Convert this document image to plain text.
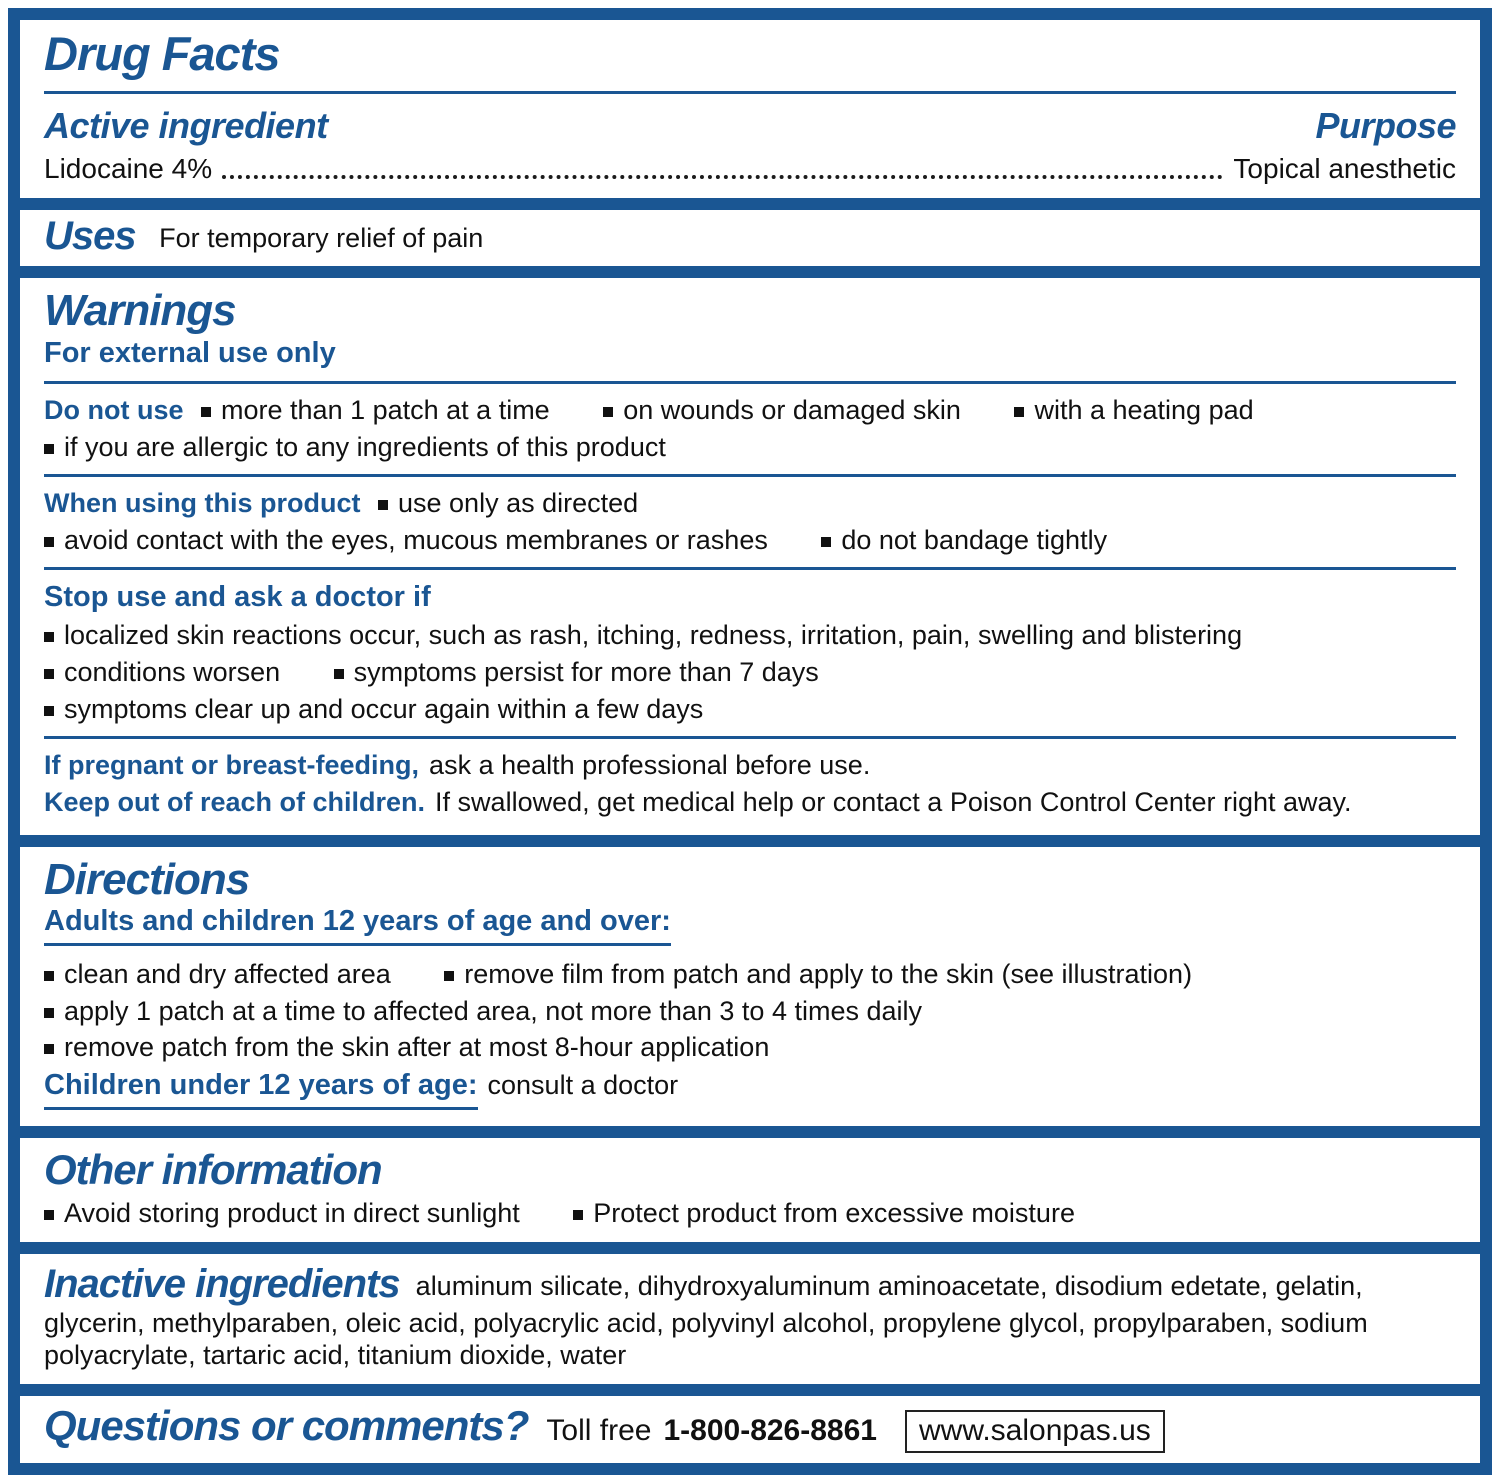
Drug Facts
Active ingredient	Purpose
Lidocaine 4%	Topical anesthetic
Uses For temporary relief of pain
Warnings
For external use only
Do not use more than 1 patch at a time	on wounds or damaged skin	with a heating pad
if you are allergic to any ingredients of this product
When using this product use only as directed
avoid contact with the eyes, mucous membranes or rashes	do not bandage tightly
Stop use and ask a doctor if
localized skin reactions occur, such as rash, itching, redness, irritation, pain, swelling and blistering
conditions worsen	symptoms persist for more than 7 days
symptoms clear up and occur again within a few days
If pregnant or breast-feeding, ask a health professional before use.
Keep out of reach of children. If swallowed, get medical help or contact a Poison Control Center right away.
Directions
Adults and children 12 years of age and over:
clean and dry affected area	remove film from patch and apply to the skin (see illustration)
apply 1 patch at a time to affected area, not more than 3 to 4 times daily
remove patch from the skin after at most 8-hour application
Children under 12 years of age: consult a doctor
Other information
Avoid storing product in direct sunlight	Protect product from excessive moisture
Inactive ingredients aluminum silicate, dihydroxyaluminum aminoacetate, disodium edetate, gelatin, glycerin, methylparaben, oleic acid, polyacrylic acid, polyvinyl alcohol, propylene glycol, propylparaben, sodium polyacrylate, tartaric acid, titanium dioxide, water
Questions or comments? Toll free 1-800-826-8861	www.salonpas.us
